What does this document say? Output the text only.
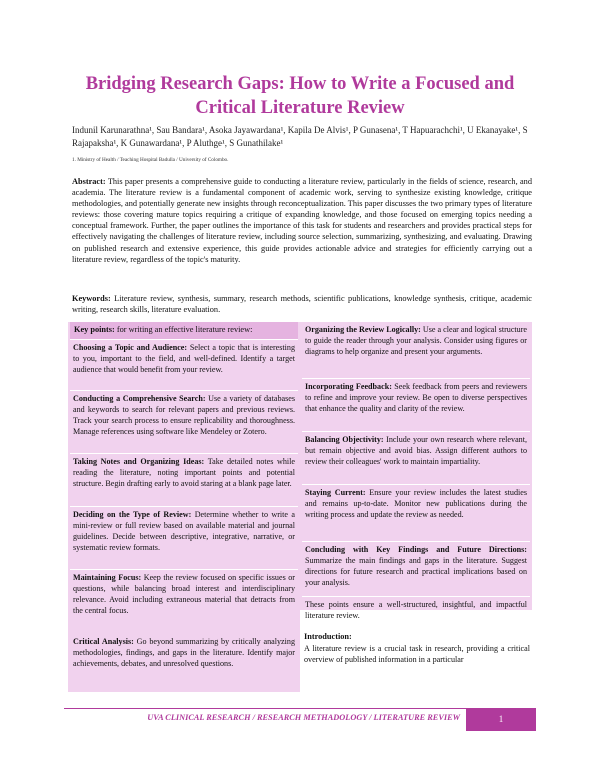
Bridging Research Gaps: How to Write a Focused and Critical Literature Review
Indunil Karunarathna¹, Sau Bandara¹, Asoka Jayawardana¹, Kapila De Alvis¹, P Gunasena¹, T Hapuarachchi¹, U Ekanayake¹, S Rajapaksha¹, K Gunawardana¹, P Aluthge¹, S Gunathilake¹
1. Ministry of Health / Teaching Hospital Badulla / University of Colombo.
Abstract: This paper presents a comprehensive guide to conducting a literature review, particularly in the fields of science, research, and academia. The literature review is a fundamental component of academic work, serving to synthesize existing knowledge, critique methodologies, and potentially generate new insights through reconceptualization. This paper discusses the two primary types of literature reviews: those covering mature topics requiring a critique of expanding knowledge, and those focused on emerging topics needing a conceptual framework. Further, the paper outlines the importance of this task for students and researchers and provides practical steps for effectively navigating the challenges of literature review, including source selection, summarizing, synthesizing, and evaluating. Drawing on published research and extensive experience, this guide provides actionable advice and strategies for efficiently carrying out a literature review, regardless of the topic's maturity.
Keywords: Literature review, synthesis, summary, research methods, scientific publications, knowledge synthesis, critique, academic writing, research skills, literature evaluation.
Key points: for writing an effective literature review:
Choosing a Topic and Audience: Select a topic that is interesting to you, important to the field, and well-defined. Identify a target audience that would benefit from your review.
Conducting a Comprehensive Search: Use a variety of databases and keywords to search for relevant papers and previous reviews. Track your search process to ensure replicability and thoroughness. Manage references using software like Mendeley or Zotero.
Taking Notes and Organizing Ideas: Take detailed notes while reading the literature, noting important points and potential structure. Begin drafting early to avoid staring at a blank page later.
Deciding on the Type of Review: Determine whether to write a mini-review or full review based on available material and journal guidelines. Decide between descriptive, integrative, narrative, or systematic review formats.
Maintaining Focus: Keep the review focused on specific issues or questions, while balancing broad interest and interdisciplinary relevance. Avoid including extraneous material that detracts from the central focus.
Critical Analysis: Go beyond summarizing by critically analyzing methodologies, findings, and gaps in the literature. Identify major achievements, debates, and unresolved questions.
Organizing the Review Logically: Use a clear and logical structure to guide the reader through your analysis. Consider using figures or diagrams to help organize and present your arguments.
Incorporating Feedback: Seek feedback from peers and reviewers to refine and improve your review. Be open to diverse perspectives that enhance the quality and clarity of the review.
Balancing Objectivity: Include your own research where relevant, but remain objective and avoid bias. Assign different authors to review their colleagues' work to maintain impartiality.
Staying Current: Ensure your review includes the latest studies and remains up-to-date. Monitor new publications during the writing process and update the review as needed.
Concluding with Key Findings and Future Directions: Summarize the main findings and gaps in the literature. Suggest directions for future research and practical implications based on your analysis.
These points ensure a well-structured, insightful, and impactful literature review.
Introduction:
A literature review is a crucial task in research, providing a critical overview of published information in a particular
UVA CLINICAL RESEARCH / RESEARCH METHADOLOGY / LITERATURE REVIEW	1
